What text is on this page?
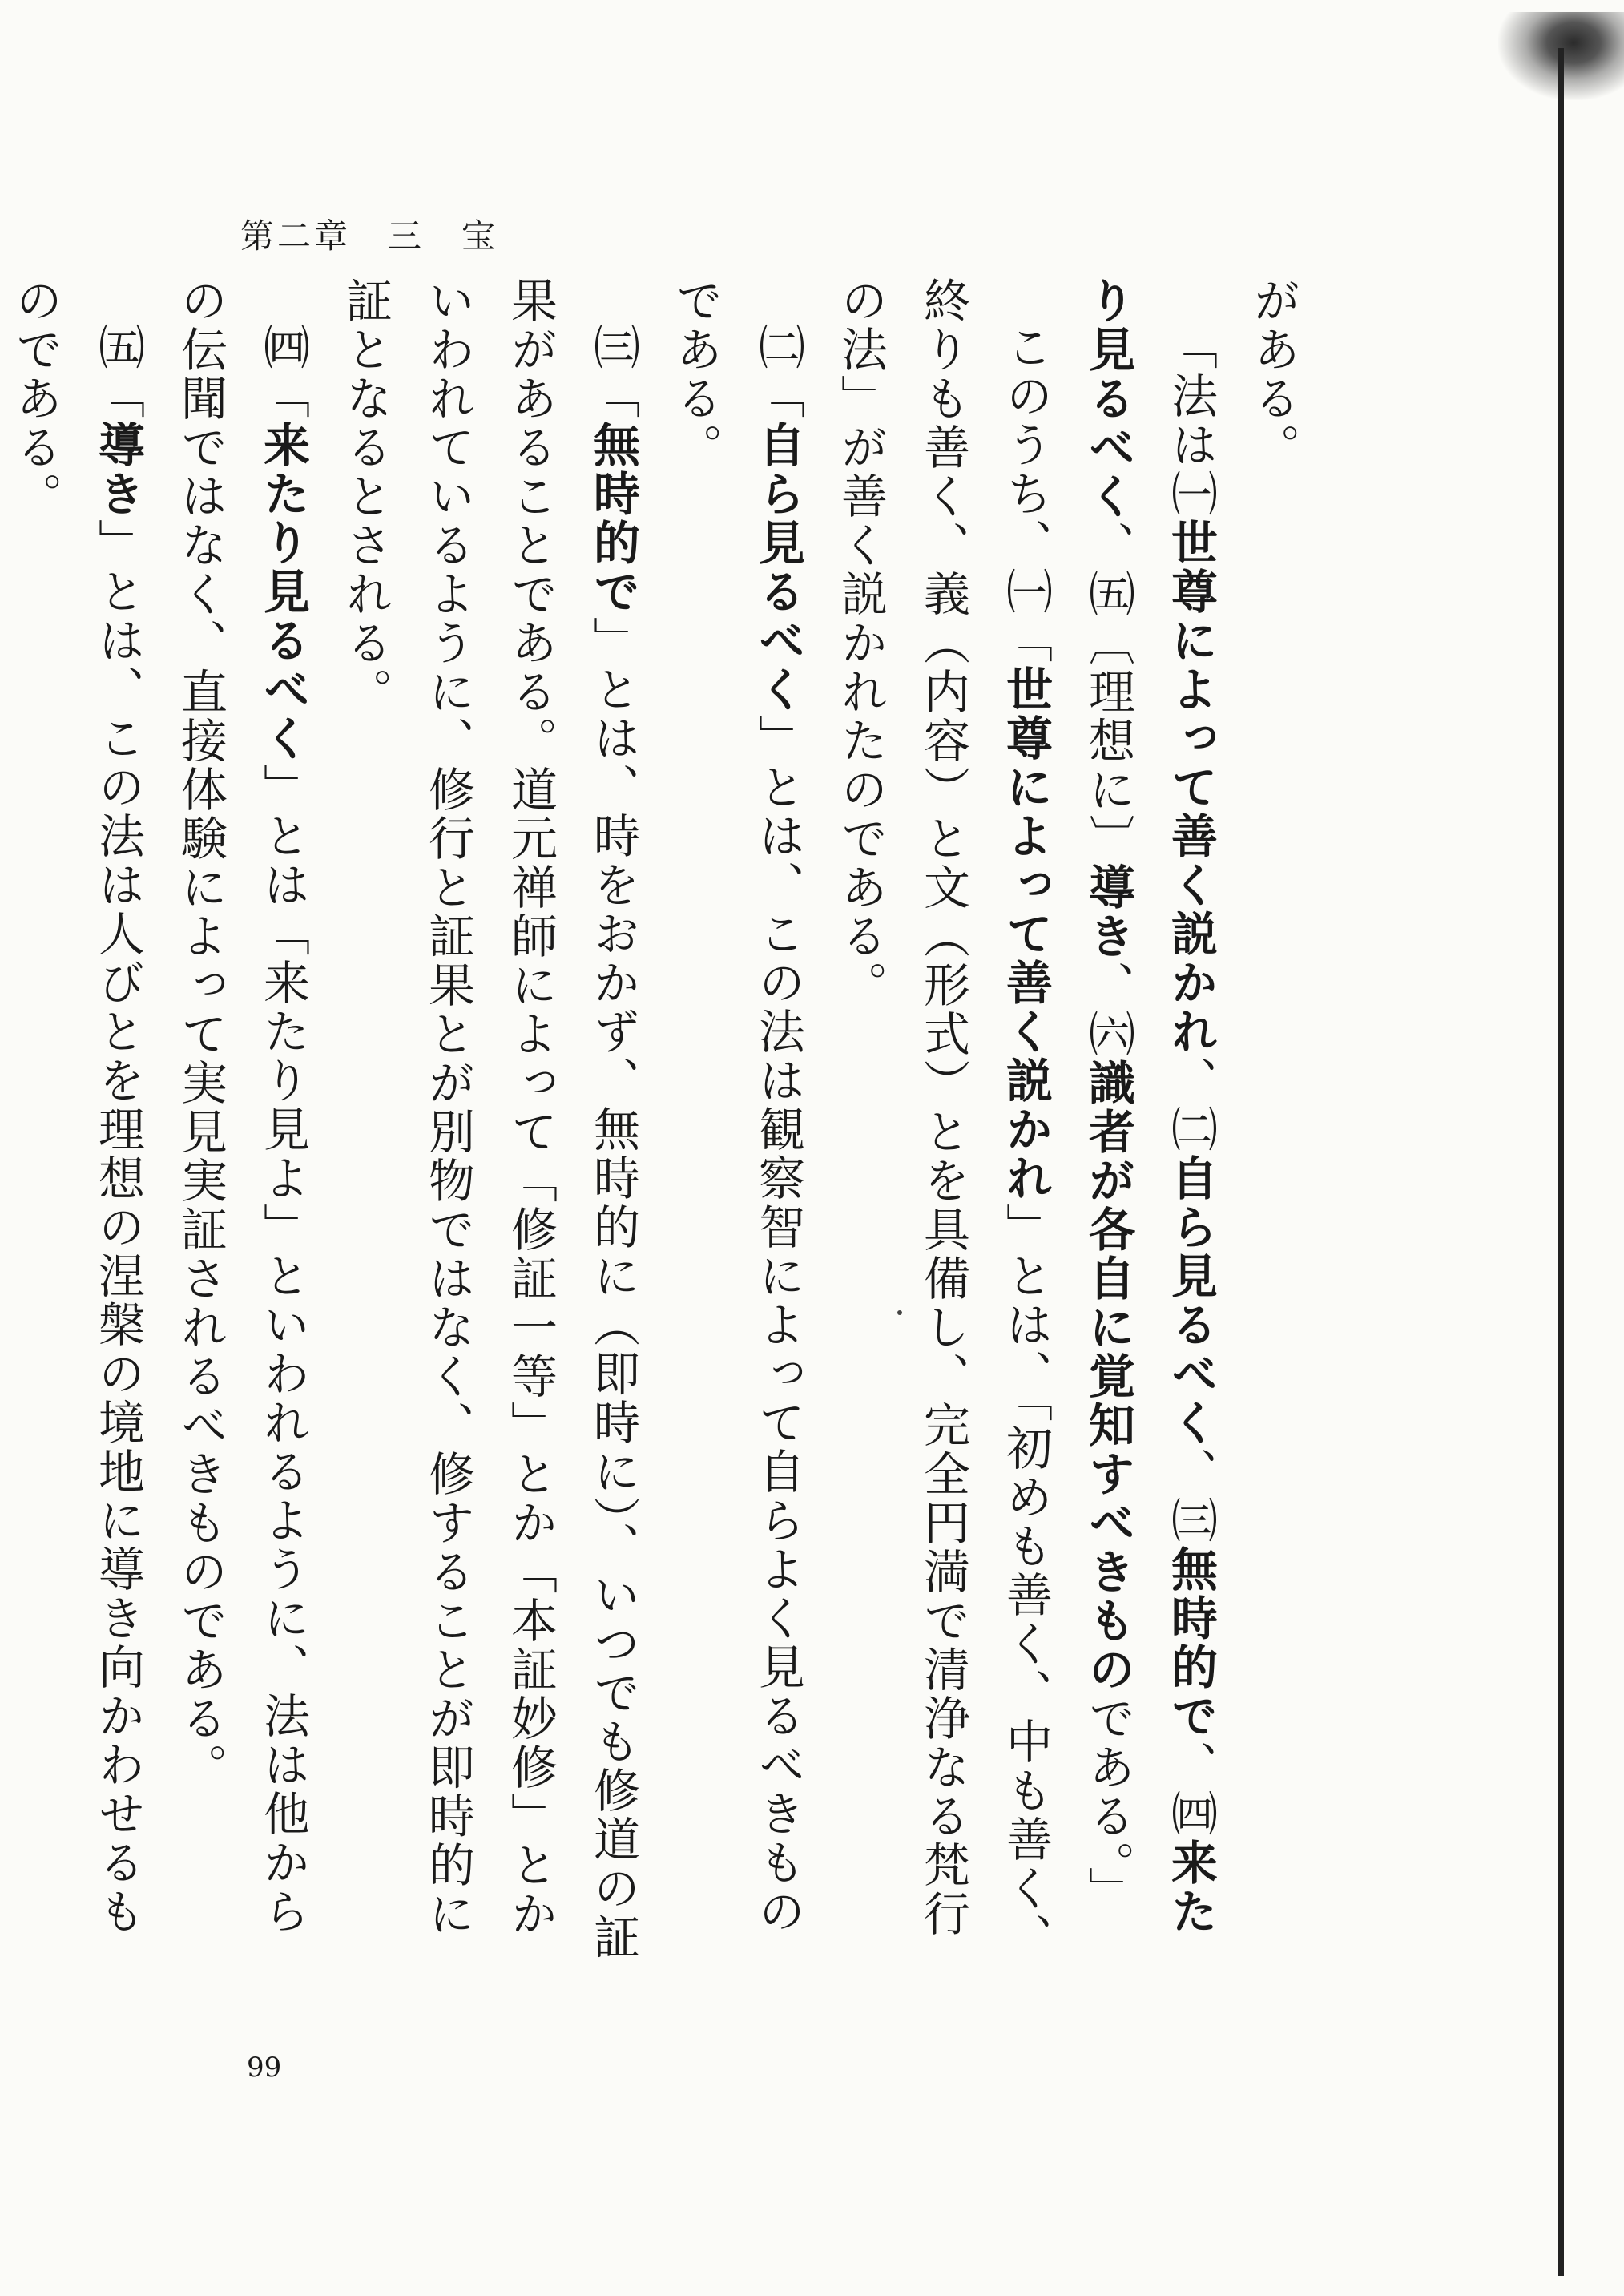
第二章　三　宝

がある。

「法は㈠世尊によって善く説かれ、㈡自ら見るべく、㈢無時的で、㈣来たり見るべく、㈤〔理想に〕導き、㈥識者が各自に覚知すべきものである。」

このうち、㈠「世尊によって善く説かれ」とは、「初めも善く、中も善く、終りも善く、義（内容）と文（形式）とを具備し、完全円満で清浄なる梵行の法」が善く説かれたのである。

㈡「自ら見るべく」とは、この法は観察智によって自らよく見るべきものである。

㈢「無時的で」とは、時をおかず、無時的に（即時に）、いつでも修道の証果があることである。道元禅師によって「修証一等」とか「本証妙修」とかいわれているように、修行と証果とが別物ではなく、修することが即時的に証となるとされる。

㈣「来たり見るべく」とは「来たり見よ」といわれるように、法は他からの伝聞ではなく、直接体験によって実見実証されるべきものである。

㈤「導き」とは、この法は人びとを理想の涅槃の境地に導き向かわせるものである。

99
